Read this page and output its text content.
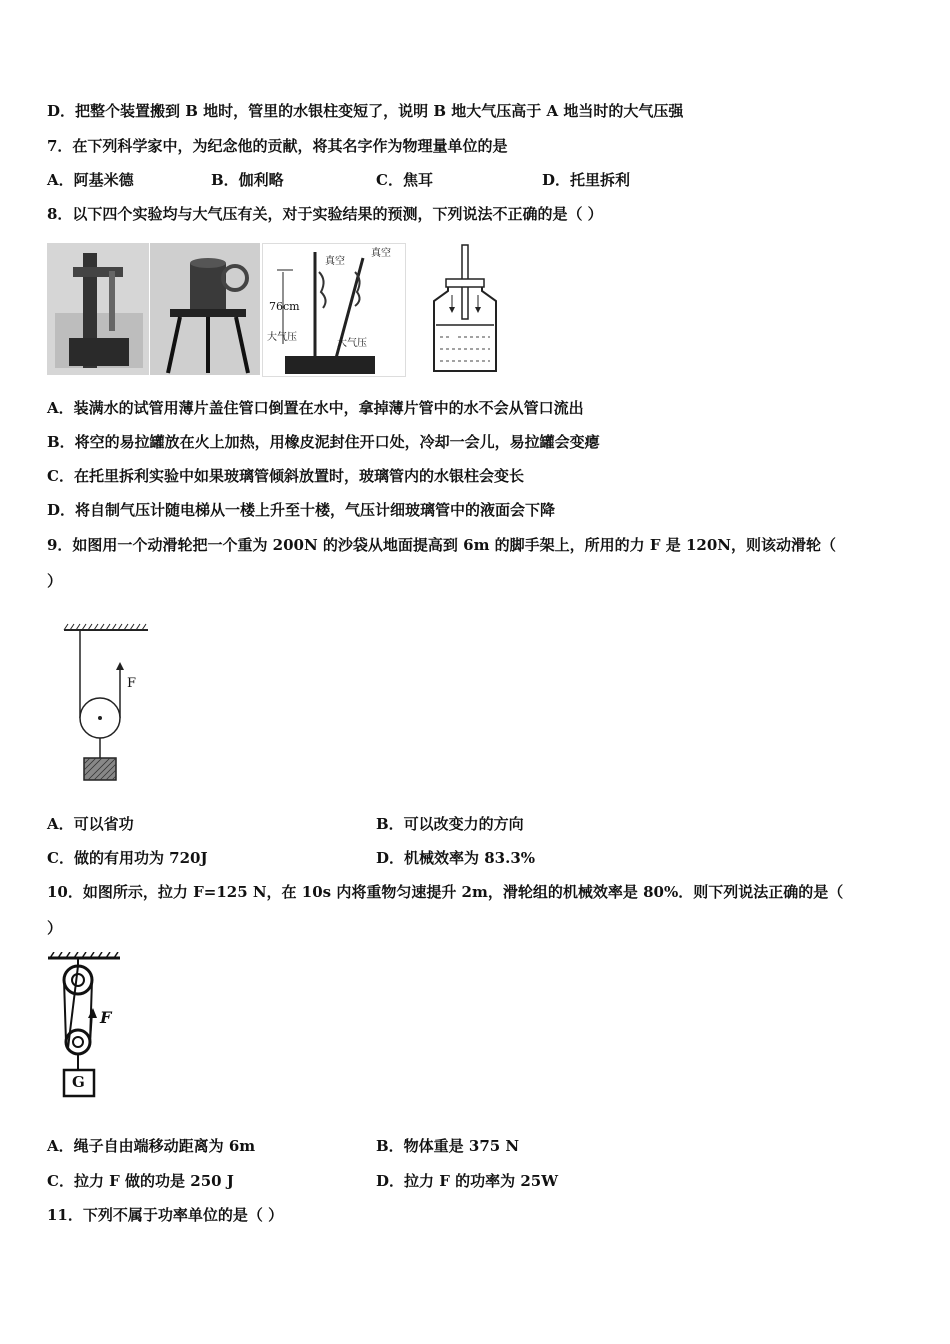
D．把整个装置搬到 B 地时，管里的水银柱变短了，说明 B 地大气压高于 A 地当时的大气压强
7．在下列科学家中，为纪念他的贡献，将其名字作为物理量单位的是
A．阿基米德	B．伽利略	C．焦耳	D．托里拆利
8．以下四个实验均与大气压有关，对于实验结果的预测，下列说法不正确的是（ ）
真空
真空
76cm
大气压
大气压
A．装满水的试管用薄片盖住管口倒置在水中，拿掉薄片管中的水不会从管口流出
B．将空的易拉罐放在火上加热，用橡皮泥封住开口处，冷却一会儿，易拉罐会变瘪
C．在托里拆利实验中如果玻璃管倾斜放置时，玻璃管内的水银柱会变长
D．将自制气压计随电梯从一楼上升至十楼，气压计细玻璃管中的液面会下降
9．如图用一个动滑轮把一个重为 200N 的沙袋从地面提高到 6m 的脚手架上，所用的力 F 是 120N，则该动滑轮（
）
F
A．可以省功	B．可以改变力的方向
C．做的有用功为 720J	D．机械效率为 83.3%
10．如图所示，拉力 F=125 N，在 10s 内将重物匀速提升 2m，滑轮组的机械效率是 80%．则下列说法正确的是（
）
F
G
A．绳子自由端移动距离为 6m	B．物体重是 375 N
C．拉力 F 做的功是 250 J	D．拉力 F 的功率为 25W
11．下列不属于功率单位的是（ ）
